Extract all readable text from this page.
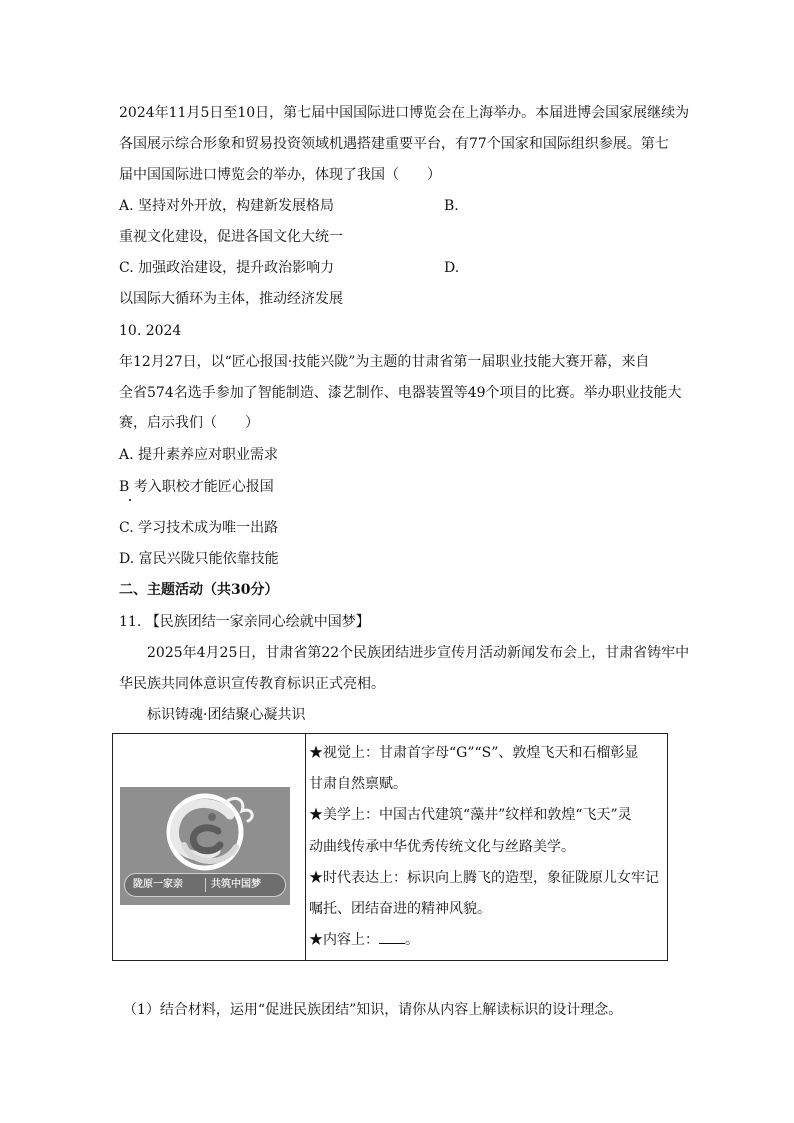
2024年11月5日至10日，第七届中国国际进口博览会在上海举办。本届进博会国家展继续为
各国展示综合形象和贸易投资领域机遇搭建重要平台，有77个国家和国际组织参展。第七
届中国国际进口博览会的举办，体现了我国（　　）
A. 坚持对外开放，构建新发展格局	B.
重视文化建设，促进各国文化大统一
C. 加强政治建设，提升政治影响力	D.
以国际大循环为主体，推动经济发展
10. 2024
年12月27日，以“匠心报国·技能兴陇”为主题的甘肃省第一届职业技能大赛开幕，来自
全省574名选手参加了智能制造、漆艺制作、电器装置等49个项目的比赛。举办职业技能大
赛，启示我们（　　）
A. 提升素养应对职业需求
B 考入职校才能匠心报国
C. 学习技术成为唯一出路
D. 富民兴陇只能依靠技能
二、主题活动（共30分）
11. 【民族团结一家亲同心绘就中国梦】
2025年4月25日，甘肃省第22个民族团结进步宣传月活动新闻发布会上，甘肃省铸牢中
华民族共同体意识宣传教育标识正式亮相。
标识铸魂·团结聚心凝共识
陇原一家亲	共筑中国梦

★视觉上：甘肃首字母“G”“S”、敦煌飞天和石榴彰显
甘肃自然禀赋。
★美学上：中国古代建筑“藻井”纹样和敦煌“飞天”灵
动曲线传承中华优秀传统文化与丝路美学。
★时代表达上：标识向上腾飞的造型，象征陇原儿女牢记
嘱托、团结奋进的精神风貌。
★内容上： 。
（1）结合材料，运用“促进民族团结”知识，请你从内容上解读标识的设计理念。
